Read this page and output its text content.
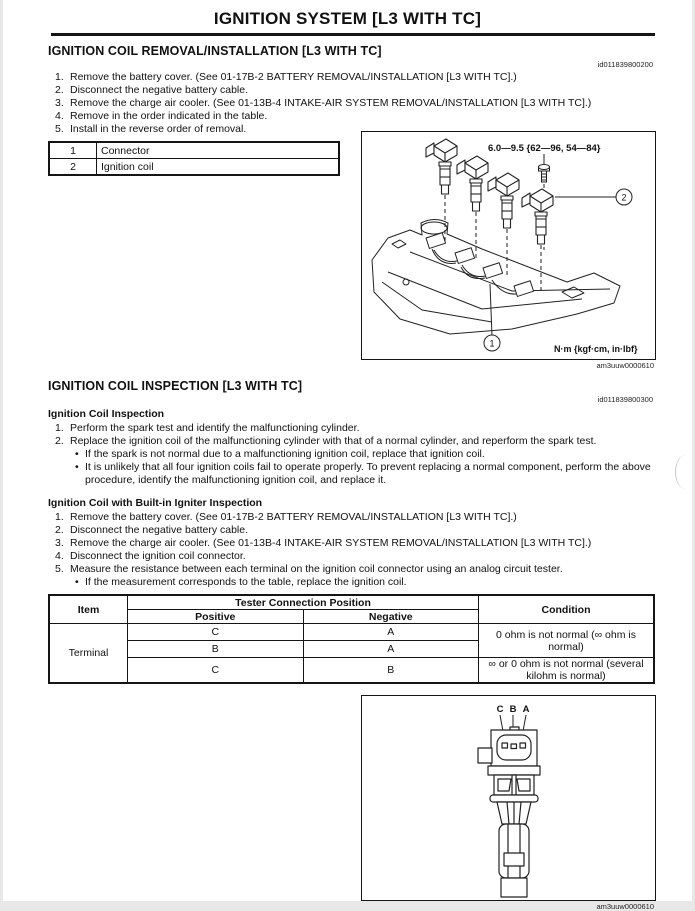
IGNITION SYSTEM [L3 WITH TC]
IGNITION COIL REMOVAL/INSTALLATION [L3 WITH TC]
id011839800200
1. Remove the battery cover. (See 01-17B-2 BATTERY REMOVAL/INSTALLATION [L3 WITH TC].)
2. Disconnect the negative battery cable.
3. Remove the charge air cooler. (See 01-13B-4 INTAKE-AIR SYSTEM REMOVAL/INSTALLATION [L3 WITH TC].)
4. Remove in the order indicated in the table.
5. Install in the reverse order of removal.
1	Connector
2	Ignition coil
6.0—9.5 {62—96, 54—84}
2
1
N·m {kgf·cm, in·lbf}
am3uuw0000610
IGNITION COIL INSPECTION [L3 WITH TC]
id011839800300
Ignition Coil Inspection
1. Perform the spark test and identify the malfunctioning cylinder.
2. Replace the ignition coil of the malfunctioning cylinder with that of a normal cylinder, and reperform the spark test.
•
If the spark is not normal due to a malfunctioning ignition coil, replace that ignition coil.
•
It is unlikely that all four ignition coils fail to operate properly. To prevent replacing a normal component, perform the above procedure, identify the malfunctioning ignition coil, and replace it.
Ignition Coil with Built-in Igniter Inspection
1. Remove the battery cover. (See 01-17B-2 BATTERY REMOVAL/INSTALLATION [L3 WITH TC].)
2. Disconnect the negative battery cable.
3. Remove the charge air cooler. (See 01-13B-4 INTAKE-AIR SYSTEM REMOVAL/INSTALLATION [L3 WITH TC].)
4. Disconnect the ignition coil connector.
5. Measure the resistance between each terminal on the ignition coil connector using an analog circuit tester.
•
If the measurement corresponds to the table, replace the ignition coil.
Item	Tester Connection Position		Condition
	Positive	Negative	
Terminal	C	A	0 ohm is not normal (∞ ohm is normal)
	B	A	
	C	B	∞ or 0 ohm is not normal (several kilohm is normal)
C B A
am3uuw0000610
